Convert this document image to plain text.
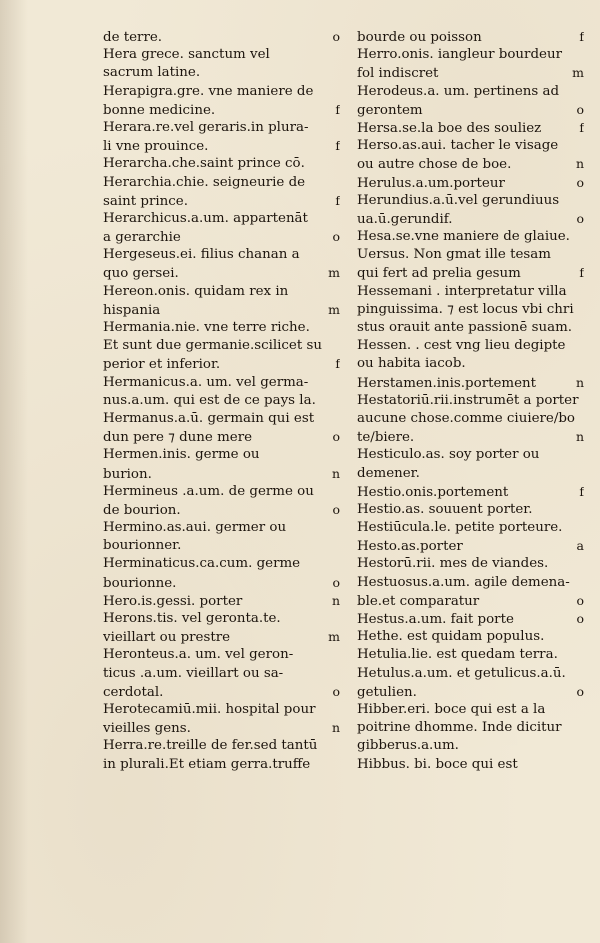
de terre.	o
Hera grece. sanctum vel
sacrum latine.
Herapigra.gre. vne maniere de
bonne medicine.	f
Herara.re.vel geraris.in plura-
li vne prouince.	f
Herarcha.che.saint prince cō.
Herarchia.chie. seigneurie de
saint prince.	f
Herarchicus.a.um. appartenāt
a gerarchie	o
Hergeseus.ei. filius chanan a
quo gersei.	m
Hereon.onis. quidam rex in
hispania	m
Hermania.nie. vne terre riche.
Et sunt due germanie.scilicet su
perior et inferior.	f
Hermanicus.a. um. vel germa-
nus.a.um. qui est de ce pays la.
Hermanus.a.ū. germain qui est
dun pere ⁊ dune mere	o
Hermen.inis. germe ou
burion.	n
Hermineus .a.um. de germe ou
de bourion.	o
Hermino.as.aui. germer ou
bourionner.
Herminaticus.ca.cum. germe
bourionne.	o
Hero.is.gessi. porter	n
Herons.tis. vel geronta.te.
vieillart ou prestre	m
Heronteus.a. um. vel geron-
ticus .a.um. vieillart ou sa-
cerdotal.	o
Herotecamiū.mii. hospital pour
vieilles gens.	n
Herra.re.treille de fer.sed tantū
in plurali.Et etiam gerra.truffe
bourde ou poisson	f
Herro.onis. iangleur bourdeur
fol indiscret	m
Herodeus.a. um. pertinens ad
gerontem	o
Hersa.se.la boe des souliez	f
Herso.as.aui. tacher le visage
ou autre chose de boe.	n
Herulus.a.um.porteur	o
Herundius.a.ū.vel gerundiuus
ua.ū.gerundif.	o
Hesa.se.vne maniere de glaiue.
Uersus. Non gmat ille tesam
qui fert ad prelia gesum	f
Hessemani . interpretatur villa
pinguissima. ⁊ est locus vbi chri
stus orauit ante passionē suam.
Hessen. . cest vng lieu degipte
ou habita iacob.
Herstamen.inis.portement	n
Hestatoriū.rii.instrumēt a porter
aucune chose.comme ciuiere/bo
te/biere.	n
Hesticulo.as. soy porter ou
demener.
Hestio.onis.portement	f
Hestio.as. souuent porter.
Hestiūcula.le. petite porteure.
Hesto.as.porter	a
Hestorū.rii. mes de viandes.
Hestuosus.a.um. agile demena-
ble.et comparatur	o
Hestus.a.um. fait porte	o
Hethe. est quidam populus.
Hetulia.lie. est quedam terra.
Hetulus.a.um. et getulicus.a.ū.
getulien.	o
Hibber.eri. boce qui est a la
poitrine dhomme. Inde dicitur
gibberus.a.um.
Hibbus. bi. boce qui est
